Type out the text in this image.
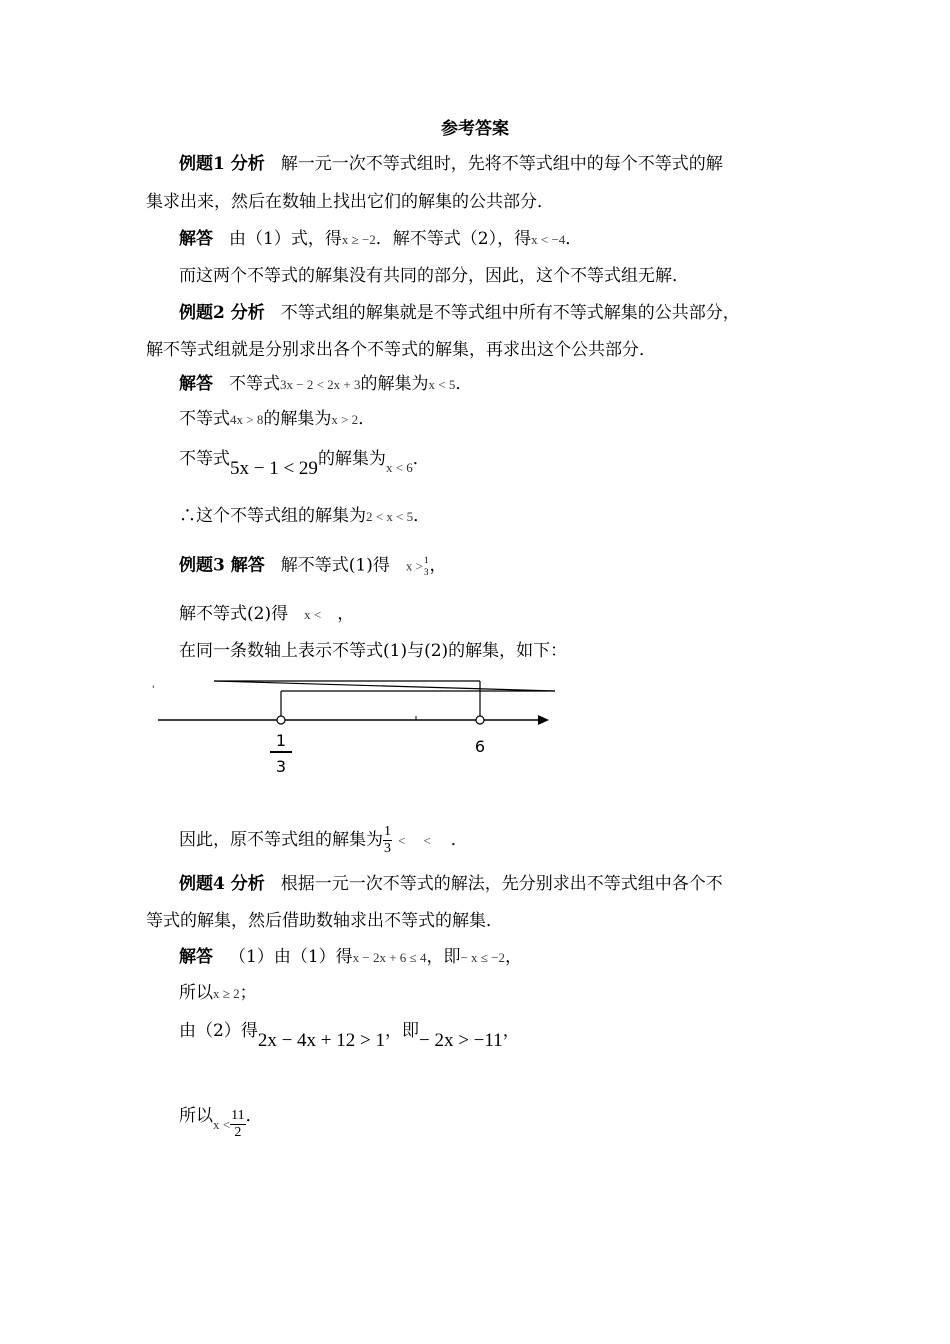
参考答案
例题1 分析 解一元一次不等式组时，先将不等式组中的每个不等式的解
集求出来，然后在数轴上找出它们的解集的公共部分．
解答 由（1）式，得x ≥ −2．解不等式（2），得x < −4．
而这两个不等式的解集没有共同的部分，因此，这个不等式组无解．
例题2 分析 不等式组的解集就是不等式组中所有不等式解集的公共部分，
解不等式组就是分别求出各个不等式的解集，再求出这个公共部分．
解答 不等式3x − 2 < 2x + 3的解集为x < 5．
不等式4x > 8的解集为x > 2．
不等式5x − 1 < 29的解集为$_{x < 6}$．
∴这个不等式组的解集为2 < x < 5．
例题3 解答 解不等式(1)得 x > 1
3 ，
解不等式(2)得 x < ，
在同一条数轴上表示不等式(1)与(2)的解集，如下：
'
1
3
6
因此，原不等式组的解集为 $\frac{1}{3}$ < < ．
例题4 分析 根据一元一次不等式的解法，先分别求出不等式组中各个不
等式的解集，然后借助数轴求出不等式的解集．
解答 （1）由（1）得x − 2x + 6 ≤ 4，即− x ≤ −2，
所以x ≥ 2；
由（2）得2x − 4x + 12 > 1，即− 2x > −11，
所以$_{x <} \frac{11}{2}$ ．
